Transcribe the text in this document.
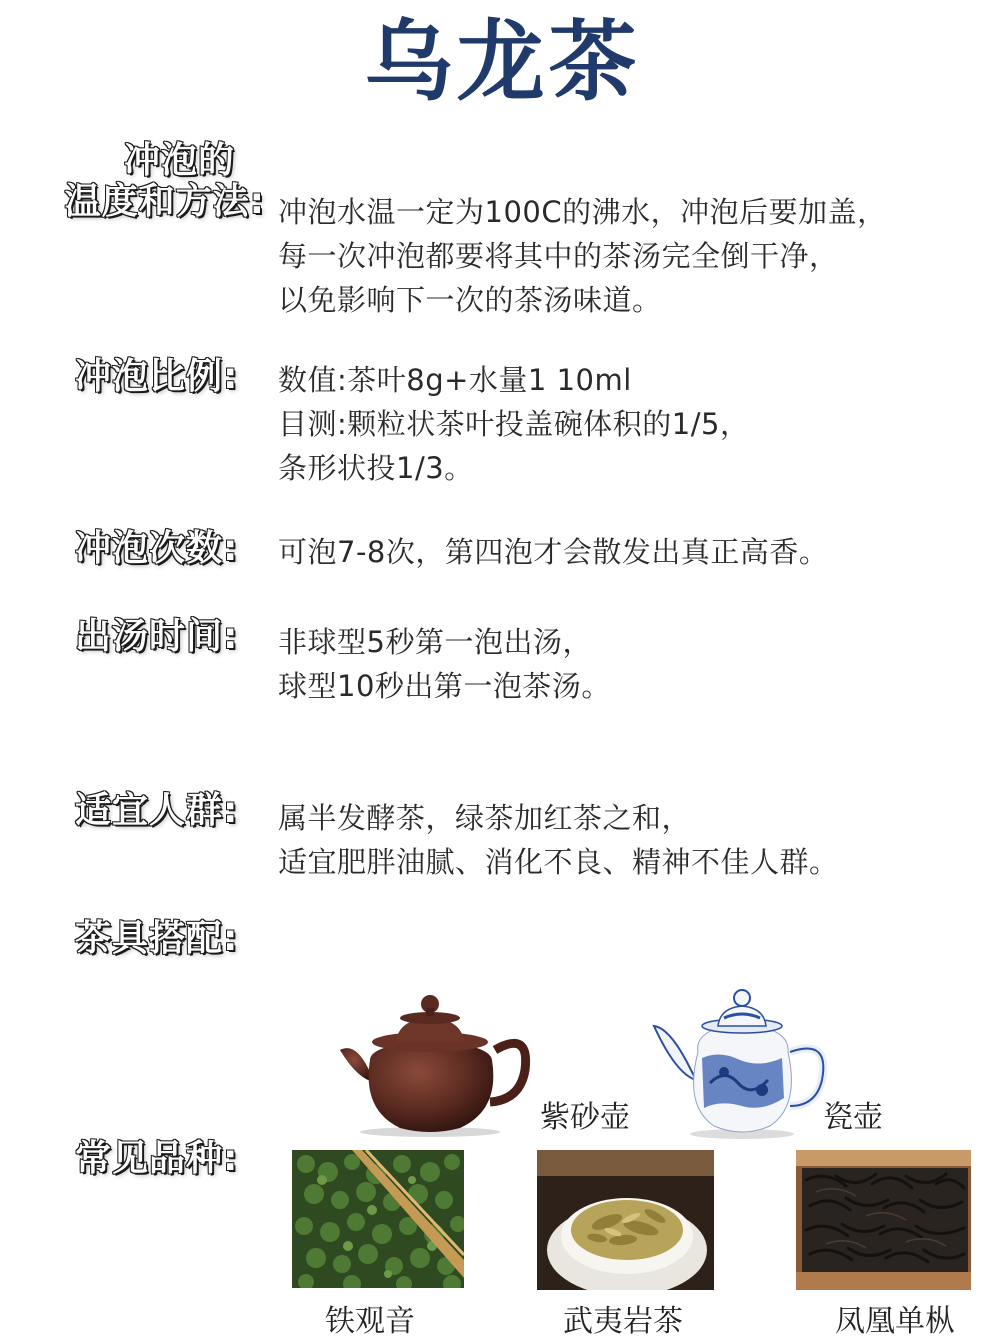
乌龙茶
冲泡的
温度和方法: 冲泡水温一定为100C的沸水，冲泡后要加盖，
每一次冲泡都要将其中的茶汤完全倒干净，
以免影响下一次的茶汤味道。
冲泡比例: 数值:茶叶8g+水量1 10ml
目测:颗粒状茶叶投盖碗体积的1/5，
条形状投1/3。
冲泡次数: 可泡7-8次，第四泡才会散发出真正高香。
出汤时间: 非球型5秒第一泡出汤，
球型10秒出第一泡茶汤。
适宜人群: 属半发酵茶，绿茶加红茶之和，
适宜肥胖油腻、消化不良、精神不佳人群。
茶具搭配:
紫砂壶	瓷壶
常见品种:
铁观音	武夷岩茶	凤凰单枞
